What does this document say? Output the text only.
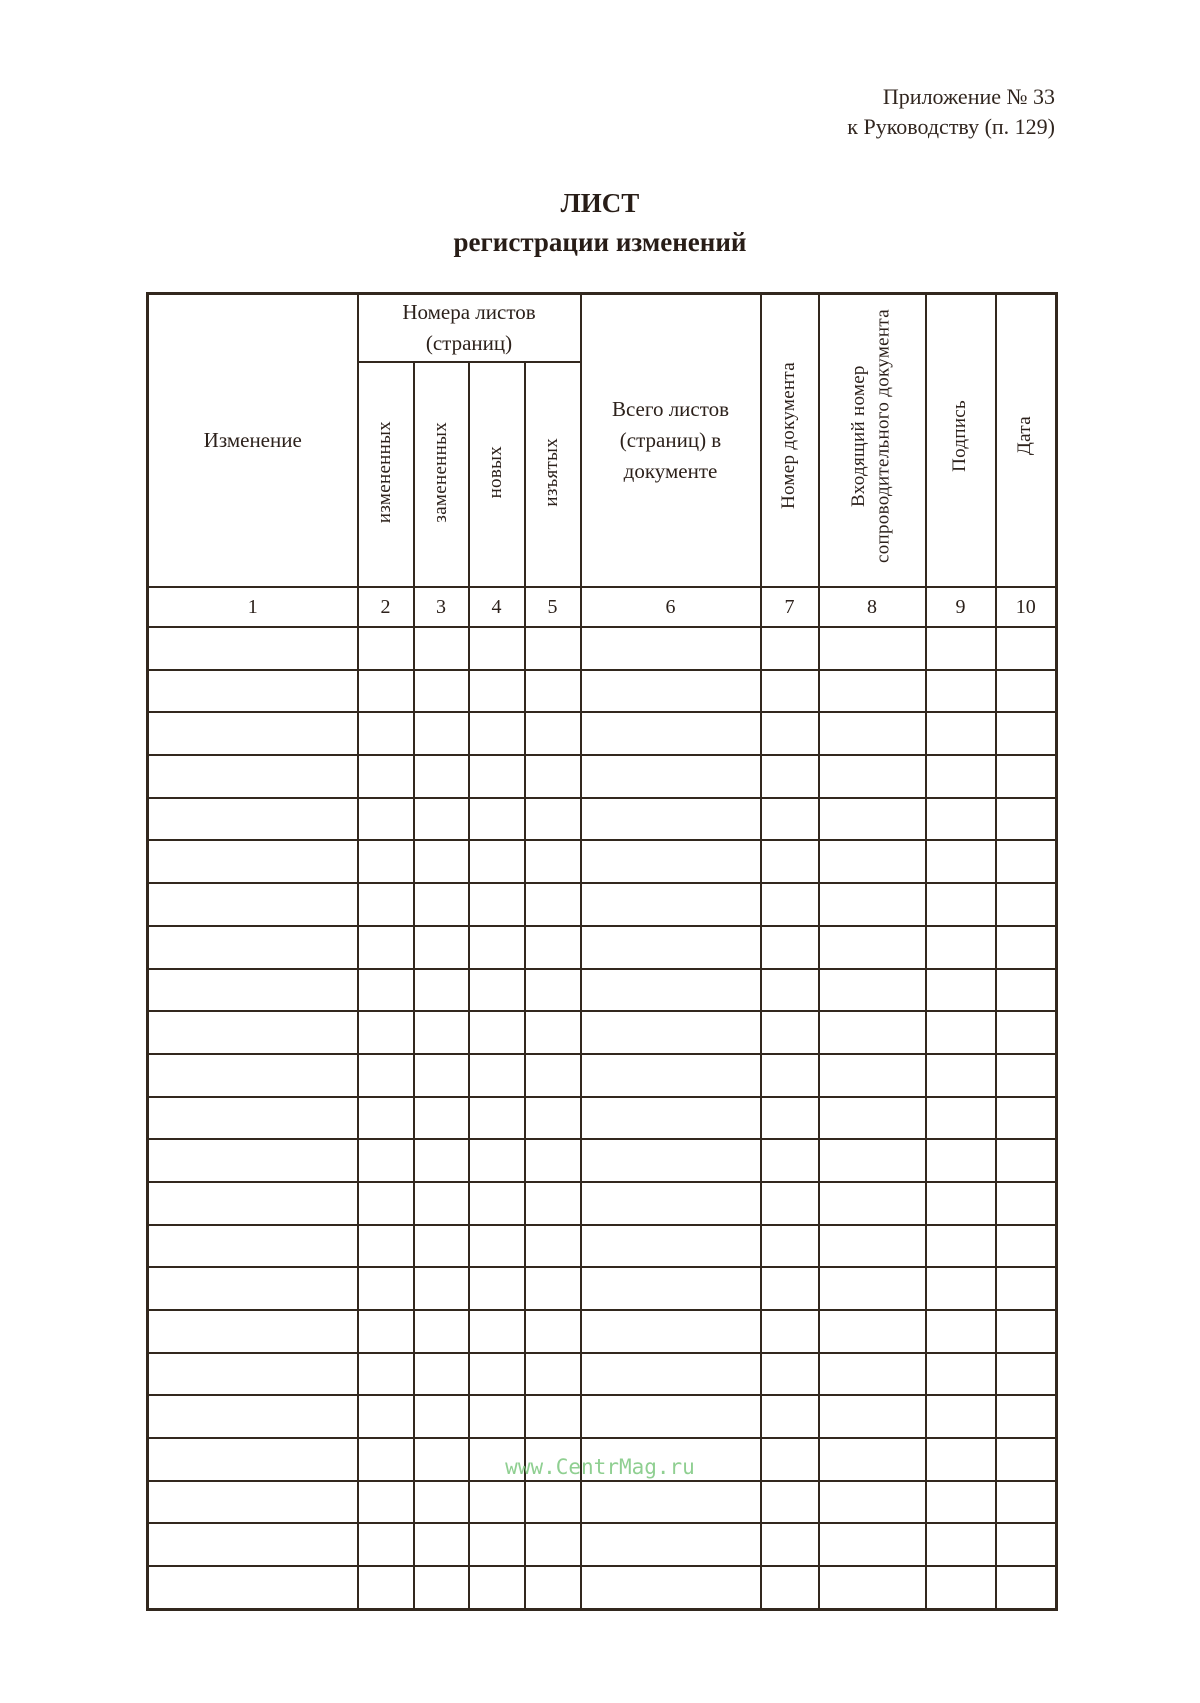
Приложение № 33
к Руководству (п. 129)
ЛИСТ
регистрации изменений
Изменение	Номера листов (страниц)				Всего листов (страниц) в документе	Номер документа	Входящий номер сопроводительного документа	Подпись	Дата
	измененных	замененных	новых	изъятых					
1	2	3	4	5	6	7	8	9	10

www.CentrMag.ru
